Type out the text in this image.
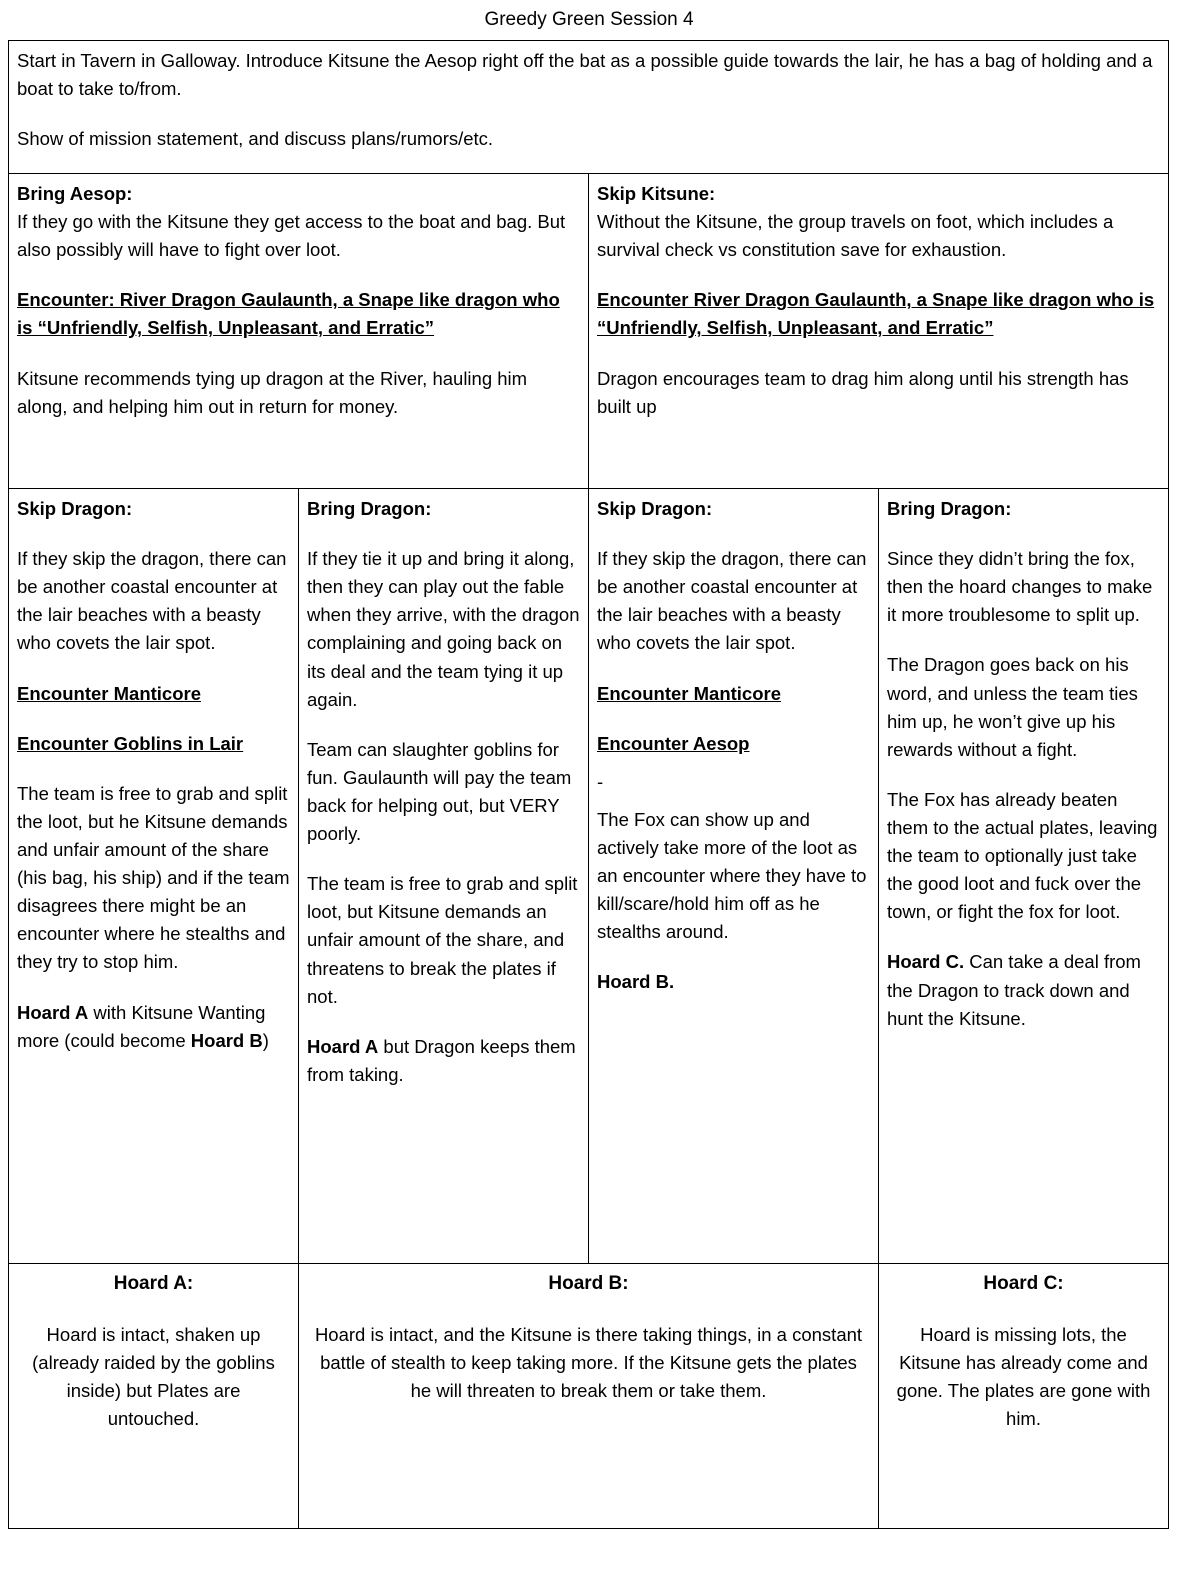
Greedy Green Session 4

Start in Tavern in Galloway. Introduce Kitsune the Aesop right off the bat as a possible guide towards the lair, he has a bag of holding and a boat to take to/from.

Show of mission statement, and discuss plans/rumors/etc.			

Bring Aesop:

If they go with the Kitsune they get access to the boat and bag. But also possibly will have to fight over loot.

Encounter: River Dragon Gaulaunth, a Snape like dragon who is “Unfriendly, Selfish, Unpleasant, and Erratic”

Kitsune recommends tying up dragon at the River, hauling him along, and helping him out in return for money.

Skip Kitsune:

Without the Kitsune, the group travels on foot, which includes a survival check vs constitution save for exhaustion.

Encounter River Dragon Gaulaunth, a Snape like dragon who is “Unfriendly, Selfish, Unpleasant, and Erratic”

Dragon encourages team to drag him along until his strength has built up

Skip Dragon:

If they skip the dragon, there can be another coastal encounter at the lair beaches with a beasty who covets the lair spot.

Encounter Manticore

Encounter Goblins in Lair

The team is free to grab and split the loot, but he Kitsune demands and unfair amount of the share (his bag, his ship) and if the team disagrees there might be an encounter where he stealths and they try to stop him.

Hoard A with Kitsune Wanting more (could become Hoard B)

Bring Dragon:

If they tie it up and bring it along, then they can play out the fable when they arrive, with the dragon complaining and going back on its deal and the team tying it up again.

Team can slaughter goblins for fun. Gaulaunth will pay the team back for helping out, but VERY poorly.

The team is free to grab and split loot, but Kitsune demands an unfair amount of the share, and threatens to break the plates if not.

Hoard A but Dragon keeps them from taking.

Skip Dragon:

If they skip the dragon, there can be another coastal encounter at the lair beaches with a beasty who covets the lair spot.

Encounter Manticore

Encounter Aesop

-

The Fox can show up and actively take more of the loot as an encounter where they have to kill/scare/hold him off as he stealths around.

Hoard B.

Bring Dragon:

Since they didn’t bring the fox, then the hoard changes to make it more troublesome to split up.

The Dragon goes back on his word, and unless the team ties him up, he won’t give up his rewards without a fight.

The Fox has already beaten them to the actual plates, leaving the team to optionally just take the good loot and fuck over the town, or fight the fox for loot.

Hoard C. Can take a deal from the Dragon to track down and hunt the Kitsune.

Hoard A:

Hoard is intact, shaken up (already raided by the goblins inside) but Plates are untouched.

Hoard B:

Hoard is intact, and the Kitsune is there taking things, in a constant battle of stealth to keep taking more. If the Kitsune gets the plates he will threaten to break them or take them.

Hoard C:

Hoard is missing lots, the Kitsune has already come and gone. The plates are gone with him.
